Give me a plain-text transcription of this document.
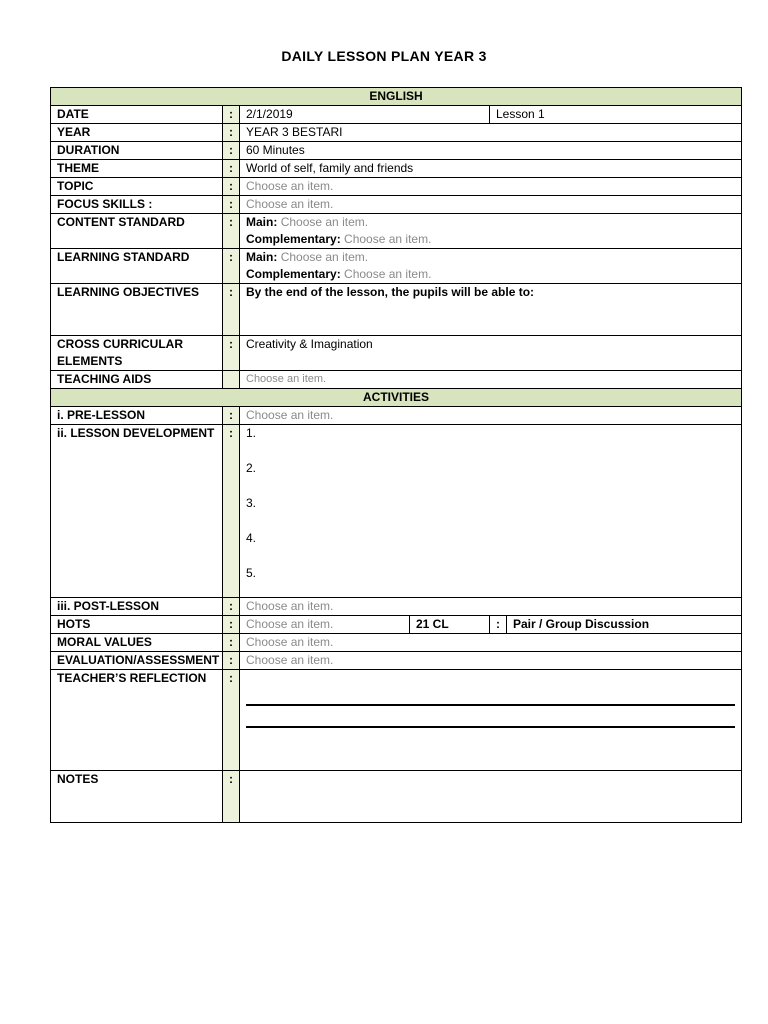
DAILY LESSON PLAN YEAR 3
ENGLISH					
DATE	:	2/1/2019		Lesson 1	
YEAR	:	YEAR 3 BESTARI			
DURATION	:	60 Minutes			
THEME	:	World of self, family and friends			
TOPIC	:	Choose an item.			
FOCUS SKILLS :	:	Choose an item.			
CONTENT STANDARD	:	Main: Choose an item.
Complementary: Choose an item.			

LEARNING STANDARD	:	Main: Choose an item.
Complementary: Choose an item.			

LEARNING OBJECTIVES	:	By the end of the lesson, the pupils will be able to:			

CROSS CURRICULAR
ELEMENTS	:	Creativity & Imagination			
TEACHING AIDS		Choose an item.			
ACTIVITIES					
i. PRE-LESSON	:	Choose an item.			
ii. LESSON DEVELOPMENT	:	1.
2.
3.
4.
5.			

iii. POST-LESSON	:	Choose an item.			
HOTS	:	Choose an item.	21 CL	:	Pair / Group Discussion
MORAL VALUES	:	Choose an item.			
EVALUATION/ASSESSMENT	:	Choose an item.			
TEACHER’S REFLECTION	:				

NOTES	:				
